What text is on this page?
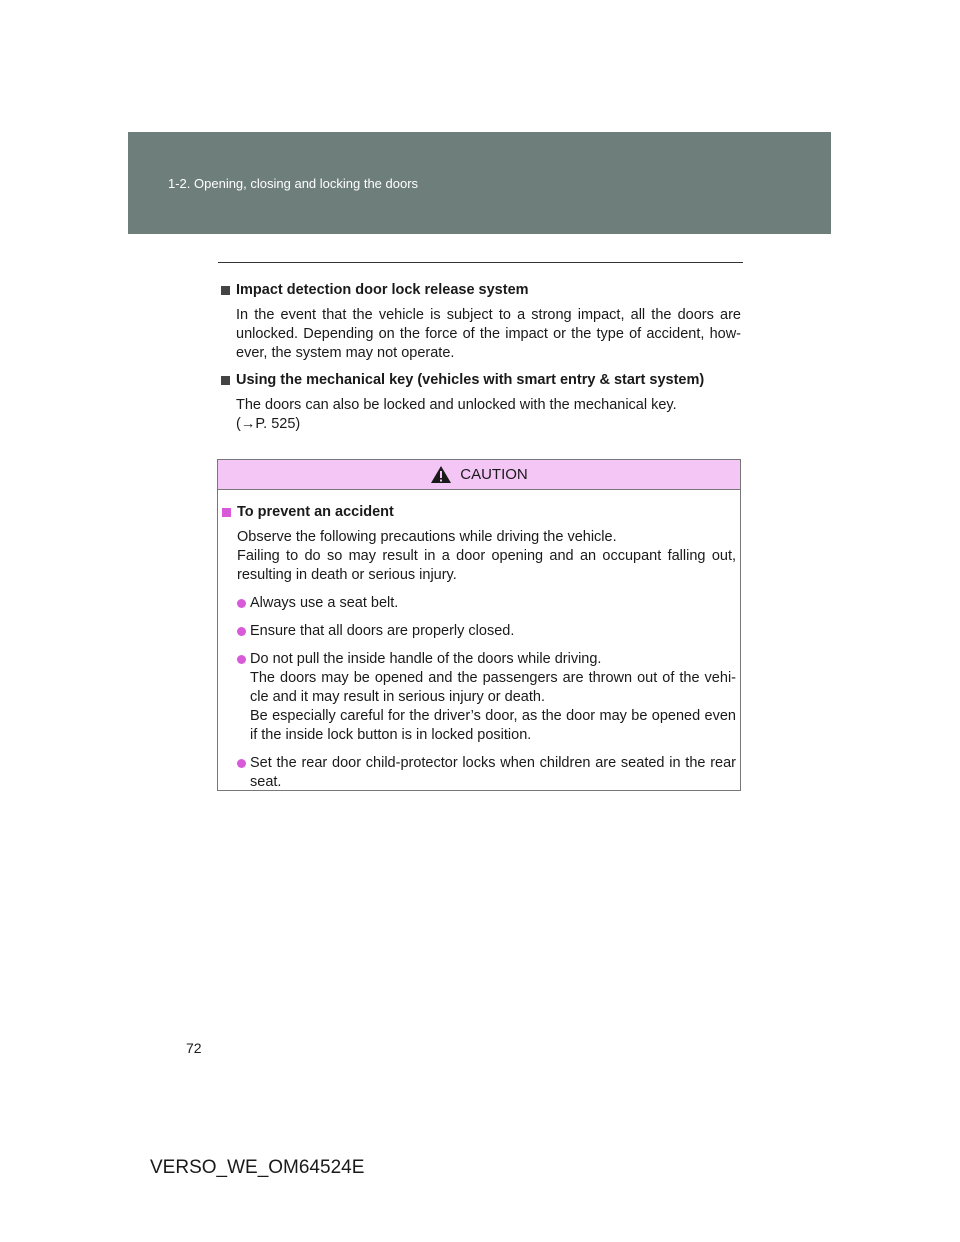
1-2. Opening, closing and locking the doors
Impact detection door lock release system
In the event that the vehicle is subject to a strong impact, all the doors are unlocked. Depending on the force of the impact or the type of accident, how-ever, the system may not operate.
Using the mechanical key (vehicles with smart entry & start system)
The doors can also be locked and unlocked with the mechanical key.
(→P. 525)
CAUTION
To prevent an accident
Observe the following precautions while driving the vehicle.
Failing to do so may result in a door opening and an occupant falling out, resulting in death or serious injury.
Always use a seat belt.
Ensure that all doors are properly closed.
Do not pull the inside handle of the doors while driving.
The doors may be opened and the passengers are thrown out of the vehi-cle and it may result in serious injury or death.
Be especially careful for the driver’s door, as the door may be opened even if the inside lock button is in locked position.
Set the rear door child-protector locks when children are seated in the rear seat.
72
VERSO_WE_OM64524E
